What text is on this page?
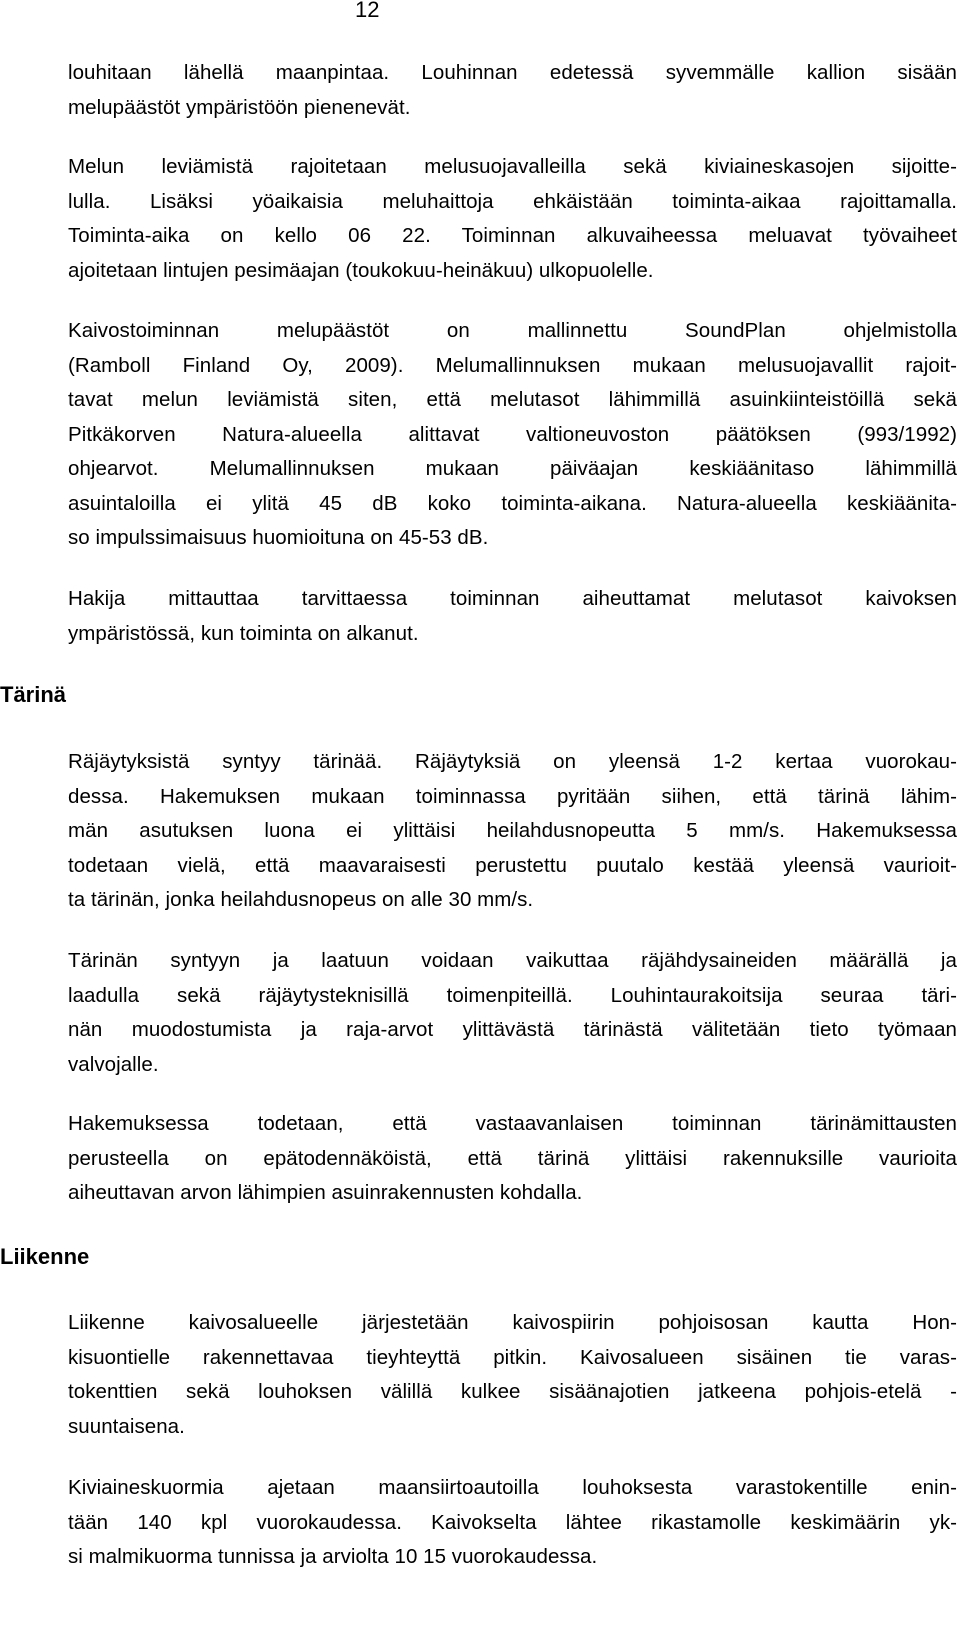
12

louhitaan lähellä maanpintaa. Louhinnan edetessä syvemmälle kallion sisään
melupäästöt ympäristöön pienenevät.

Melun leviämistä rajoitetaan melusuojavalleilla sekä kiviaineskasojen sijoitte-
lulla. Lisäksi yöaikaisia meluhaittoja ehkäistään toiminta-aikaa rajoittamalla.
Toiminta-aika on kello 06 22. Toiminnan alkuvaiheessa meluavat työvaiheet
ajoitetaan lintujen pesimäajan (toukokuu-heinäkuu) ulkopuolelle.

Kaivostoiminnan melupäästöt on mallinnettu SoundPlan ohjelmistolla
(Ramboll Finland Oy, 2009). Melumallinnuksen mukaan melusuojavallit rajoit-
tavat melun leviämistä siten, että melutasot lähimmillä asuinkiinteistöillä sekä
Pitkäkorven Natura-alueella alittavat valtioneuvoston päätöksen (993/1992)
ohjearvot. Melumallinnuksen mukaan päiväajan keskiäänitaso lähimmillä
asuintaloilla ei ylitä 45 dB koko toiminta-aikana. Natura-alueella keskiäänita-
so impulssimaisuus huomioituna on 45-53 dB.

Hakija mittauttaa tarvittaessa toiminnan aiheuttamat melutasot kaivoksen
ympäristössä, kun toiminta on alkanut.

Tärinä

Räjäytyksistä syntyy tärinää. Räjäytyksiä on yleensä 1-2 kertaa vuorokau-
dessa. Hakemuksen mukaan toiminnassa pyritään siihen, että tärinä lähim-
män asutuksen luona ei ylittäisi heilahdusnopeutta 5 mm/s. Hakemuksessa
todetaan vielä, että maavaraisesti perustettu puutalo kestää yleensä vaurioit-
ta tärinän, jonka heilahdusnopeus on alle 30 mm/s.

Tärinän syntyyn ja laatuun voidaan vaikuttaa räjähdysaineiden määrällä ja
laadulla sekä räjäytysteknisillä toimenpiteillä. Louhintaurakoitsija seuraa täri-
nän muodostumista ja raja-arvot ylittävästä tärinästä välitetään tieto työmaan
valvojalle.

Hakemuksessa todetaan, että vastaavanlaisen toiminnan tärinämittausten
perusteella on epätodennäköistä, että tärinä ylittäisi rakennuksille vaurioita
aiheuttavan arvon lähimpien asuinrakennusten kohdalla.

Liikenne

Liikenne kaivosalueelle järjestetään kaivospiirin pohjoisosan kautta Hon-
kisuontielle rakennettavaa tieyhteyttä pitkin. Kaivosalueen sisäinen tie varas-
tokenttien sekä louhoksen välillä kulkee sisäänajotien jatkeena pohjois-etelä -
suuntaisena.

Kiviaineskuormia ajetaan maansiirtoautoilla louhoksesta varastokentille enin-
tään 140 kpl vuorokaudessa. Kaivokselta lähtee rikastamolle keskimäärin yk-
si malmikuorma tunnissa ja arviolta 10 15 vuorokaudessa.
